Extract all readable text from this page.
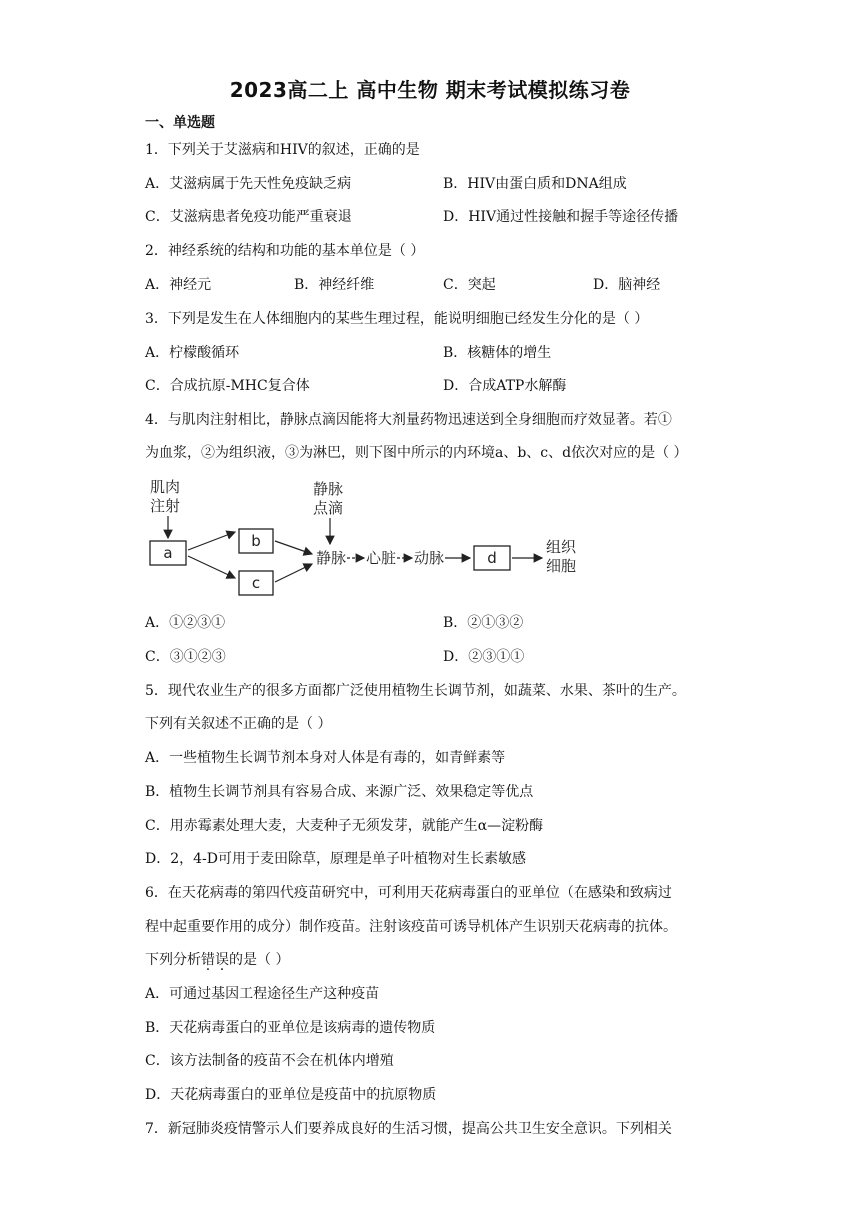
2023高二上 高中生物 期末考试模拟练习卷
一、单选题
1．下列关于艾滋病和HIV的叙述，正确的是
A．艾滋病属于先天性免疫缺乏病	B．HIV由蛋白质和DNA组成
C．艾滋病患者免疫功能严重衰退	D．HIV通过性接触和握手等途径传播
2．神经系统的结构和功能的基本单位是（ ）
A．神经元	B．神经纤维	C．突起	D．脑神经
3．下列是发生在人体细胞内的某些生理过程，能说明细胞已经发生分化的是（ ）
A．柠檬酸循环	B．核糖体的增生
C．合成抗原-MHC复合体	D．合成ATP水解酶
4．与肌肉注射相比，静脉点滴因能将大剂量药物迅速送到全身细胞而疗效显著。若①
为血浆，②为组织液，③为淋巴，则下图中所示的内环境a、b、c、d依次对应的是（ ）
肌肉
注射
a
b
c
静脉
点滴
静脉 心脏 动脉	d
组织
细胞
A．①②③①	B．②①③②
C．③①②③	D．②③①①
5．现代农业生产的很多方面都广泛使用植物生长调节剂，如蔬菜、水果、茶叶的生产。
下列有关叙述不正确的是（ ）
A．一些植物生长调节剂本身对人体是有毒的，如青鲜素等
B．植物生长调节剂具有容易合成、来源广泛、效果稳定等优点
C．用赤霉素处理大麦，大麦种子无须发芽，就能产生α—淀粉酶
D．2，4-D可用于麦田除草，原理是单子叶植物对生长素敏感
6．在天花病毒的第四代疫苗研究中，可利用天花病毒蛋白的亚单位（在感染和致病过
程中起重要作用的成分）制作疫苗。注射该疫苗可诱导机体产生识别天花病毒的抗体。
下列分析错误的是（ ）
A．可通过基因工程途径生产这种疫苗
B．天花病毒蛋白的亚单位是该病毒的遗传物质
C．该方法制备的疫苗不会在机体内增殖
D．天花病毒蛋白的亚单位是疫苗中的抗原物质
7．新冠肺炎疫情警示人们要养成良好的生活习惯，提高公共卫生安全意识。下列相关
